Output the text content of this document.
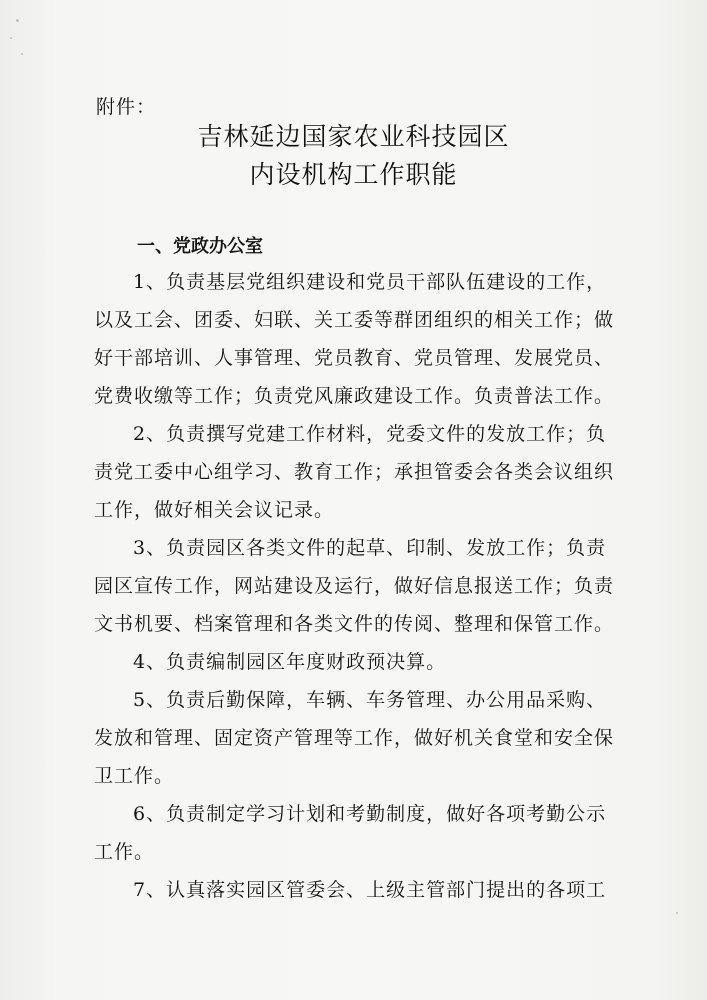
附件：
吉林延边国家农业科技园区
内设机构工作职能
一、党政办公室
1、负责基层党组织建设和党员干部队伍建设的工作，
以及工会、团委、妇联、关工委等群团组织的相关工作；做
好干部培训、人事管理、党员教育、党员管理、发展党员、
党费收缴等工作；负责党风廉政建设工作。负责普法工作。
2、负责撰写党建工作材料，党委文件的发放工作；负
责党工委中心组学习、教育工作；承担管委会各类会议组织
工作，做好相关会议记录。
3、负责园区各类文件的起草、印制、发放工作；负责
园区宣传工作，网站建设及运行，做好信息报送工作；负责
文书机要、档案管理和各类文件的传阅、整理和保管工作。
4、负责编制园区年度财政预决算。
5、负责后勤保障，车辆、车务管理、办公用品采购、
发放和管理、固定资产管理等工作，做好机关食堂和安全保
卫工作。
6、负责制定学习计划和考勤制度，做好各项考勤公示
工作。
7、认真落实园区管委会、上级主管部门提出的各项工
